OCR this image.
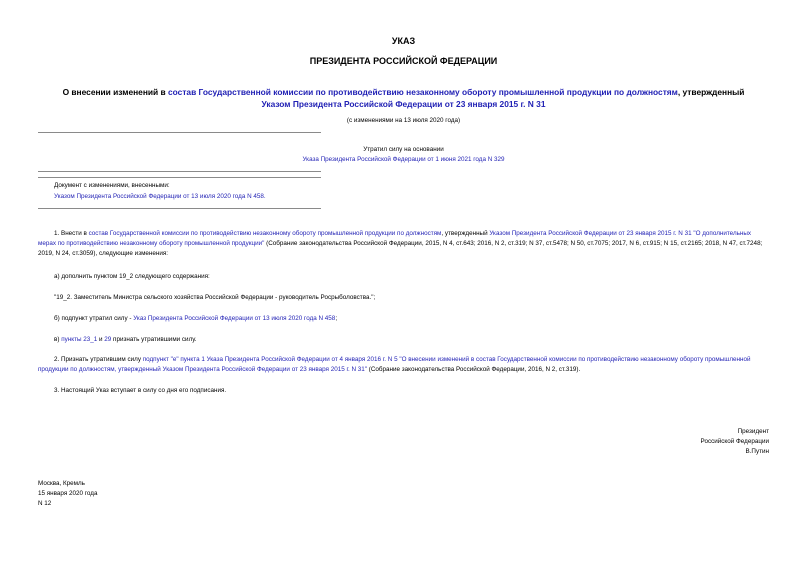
УКАЗ
ПРЕЗИДЕНТА РОССИЙСКОЙ ФЕДЕРАЦИИ
О внесении изменений в состав Государственной комиссии по противодействию незаконному обороту промышленной продукции по должностям, утвержденный
Указом Президента Российской Федерации от 23 января 2015 г. N 31
(с изменениями на 13 июля 2020 года)
Утратил силу на основании
Указа Президента Российской Федерации от 1 июня 2021 года N 329
Документ с изменениями, внесенными:
Указом Президента Российской Федерации от 13 июля 2020 года N 458.
1. Внести в состав Государственной комиссии по противодействию незаконному обороту промышленной продукции по должностям, утвержденный Указом Президента Российской Федерации от 23 января 2015 г. N 31 "О дополнительных мерах по противодействию незаконному обороту промышленной продукции" (Собрание законодательства Российской Федерации, 2015, N 4, ст.643; 2016, N 2, ст.319; N 37, ст.5478; N 50, ст.7075; 2017, N 6, ст.915; N 15, ст.2165; 2018, N 47, ст.7248; 2019, N 24, ст.3059), следующие изменения:
а) дополнить пунктом 19_2 следующего содержания:
"19_2. Заместитель Министра сельского хозяйства Российской Федерации - руководитель Росрыболовства.";
б) подпункт утратил силу - Указ Президента Российской Федерации от 13 июля 2020 года N 458;
в) пункты 23_1 и 29 признать утратившими силу.
2. Признать утратившим силу подпункт "е" пункта 1 Указа Президента Российской Федерации от 4 января 2016 г. N 5 "О внесении изменений в состав Государственной комиссии по противодействию незаконному обороту промышленной продукции по должностям, утвержденный Указом Президента Российской Федерации от 23 января 2015 г. N 31" (Собрание законодательства Российской Федерации, 2016, N 2, ст.319).
3. Настоящий Указ вступает в силу со дня его подписания.
Президент
Российской Федерации
В.Путин
Москва, Кремль
15 января 2020 года
N 12
